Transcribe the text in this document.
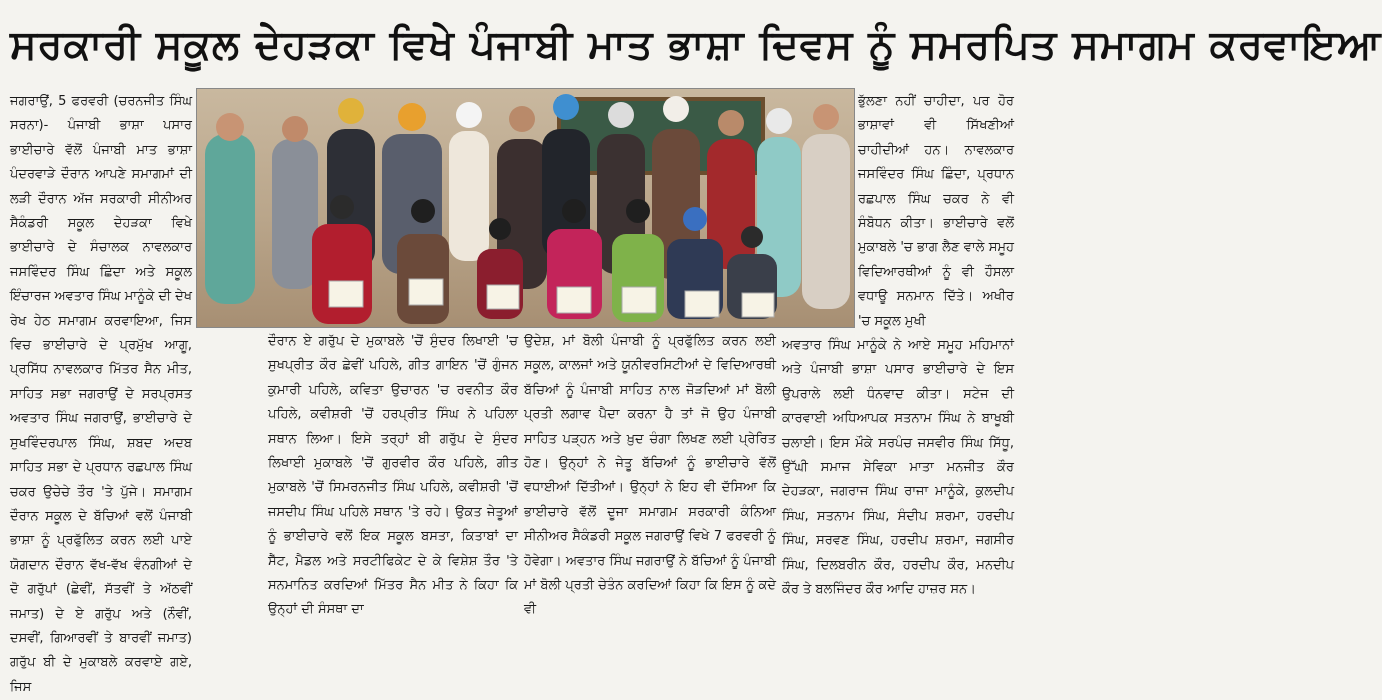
ਸਰਕਾਰੀ ਸਕੂਲ ਦੇਹੜਕਾ ਵਿਖੇ ਪੰਜਾਬੀ ਮਾਤ ਭਾਸ਼ਾ ਦਿਵਸ ਨੂੰ ਸਮਰਪਿਤ ਸਮਾਗਮ ਕਰਵਾਇਆ

ਜਗਰਾਉਂ, 5 ਫਰਵਰੀ (ਚਰਨਜੀਤ ਸਿੰਘ ਸਰਨਾ)- ਪੰਜਾਬੀ ਭਾਸ਼ਾ ਪਸਾਰ ਭਾਈਚਾਰੇ ਵੱਲੋਂ ਪੰਜਾਬੀ ਮਾਤ ਭਾਸ਼ਾ ਪੰਦਰਵਾੜੇ ਦੌਰਾਨ ਆਪਣੇ ਸਮਾਗਮਾਂ ਦੀ ਲੜੀ ਦੌਰਾਨ ਅੱਜ ਸਰਕਾਰੀ ਸੀਨੀਅਰ ਸੈਕੰਡਰੀ ਸਕੂਲ ਦੇਹੜਕਾ ਵਿਖੇ ਭਾਈਚਾਰੇ ਦੇ ਸੰਚਾਲਕ ਨਾਵਲਕਾਰ ਜਸਵਿੰਦਰ ਸਿੰਘ ਛਿੰਦਾ ਅਤੇ ਸਕੂਲ ਇੰਚਾਰਜ ਅਵਤਾਰ ਸਿੰਘ ਮਾਨੂੰਕੇ ਦੀ ਦੇਖ ਰੇਖ ਹੇਠ ਸਮਾਗਮ ਕਰਵਾਇਆ, ਜਿਸ ਵਿਚ ਭਾਈਚਾਰੇ ਦੇ ਪ੍ਰਮੁੱਖ ਆਗੂ, ਪ੍ਰਸਿੱਧ ਨਾਵਲਕਾਰ ਮਿੱਤਰ ਸੈਨ ਮੀਤ, ਸਾਹਿਤ ਸਭਾ ਜਗਰਾਉਂ ਦੇ ਸਰਪ੍ਰਸਤ ਅਵਤਾਰ ਸਿੰਘ ਜਗਰਾਉਂ, ਭਾਈਚਾਰੇ ਦੇ ਸੁਖਵਿੰਦਰਪਾਲ ਸਿੰਘ, ਸ਼ਬਦ ਅਦਬ ਸਾਹਿਤ ਸਭਾ ਦੇ ਪ੍ਰਧਾਨ ਰਛਪਾਲ ਸਿੰਘ ਚਕਰ ਉਚੇਚੇ ਤੌਰ 'ਤੇ ਪੁੱਜੇ। ਸਮਾਗਮ ਦੌਰਾਨ ਸਕੂਲ ਦੇ ਬੱਚਿਆਂ ਵਲੋਂ ਪੰਜਾਬੀ ਭਾਸ਼ਾ ਨੂੰ ਪ੍ਰਫੁੱਲਿਤ ਕਰਨ ਲਈ ਪਾਏ ਯੋਗਦਾਨ ਦੌਰਾਨ ਵੱਖ-ਵੱਖ ਵੰਨਗੀਆਂ ਦੇ ਦੋ ਗਰੁੱਪਾਂ (ਛੇਵੀਂ, ਸੱਤਵੀਂ ਤੇ ਅੱਠਵੀਂ ਜਮਾਤ) ਦੇ ਏ ਗਰੁੱਪ ਅਤੇ (ਨੌਵੀਂ, ਦਸਵੀਂ, ਗਿਆਰਵੀਂ ਤੇ ਬਾਰਵੀਂ ਜਮਾਤ) ਗਰੁੱਪ ਬੀ ਦੇ ਮੁਕਾਬਲੇ ਕਰਵਾਏ ਗਏ, ਜਿਸ

ਦੌਰਾਨ ਏ ਗਰੁੱਪ ਦੇ ਮੁਕਾਬਲੇ 'ਚੋਂ ਸੁੰਦਰ ਲਿਖਾਈ 'ਚ ਸੁਖਪ੍ਰੀਤ ਕੌਰ ਛੇਵੀਂ ਪਹਿਲੇ, ਗੀਤ ਗਾਇਨ 'ਚੋਂ ਗੁੰਜਨ ਕੁਮਾਰੀ ਪਹਿਲੇ, ਕਵਿਤਾ ਉਚਾਰਨ 'ਚ ਰਵਨੀਤ ਕੌਰ ਪਹਿਲੇ, ਕਵੀਸ਼ਰੀ 'ਚੋਂ ਹਰਪ੍ਰੀਤ ਸਿੰਘ ਨੇ ਪਹਿਲਾ ਸਥਾਨ ਲਿਆ। ਇਸੇ ਤਰ੍ਹਾਂ ਬੀ ਗਰੁੱਪ ਦੇ ਸੁੰਦਰ ਲਿਖਾਈ ਮੁਕਾਬਲੇ 'ਚੋਂ ਗੁਰਵੀਰ ਕੌਰ ਪਹਿਲੇ, ਗੀਤ ਮੁਕਾਬਲੇ 'ਚੋਂ ਸਿਮਰਨਜੀਤ ਸਿੰਘ ਪਹਿਲੇ, ਕਵੀਸ਼ਰੀ 'ਚੋਂ ਜਸਦੀਪ ਸਿੰਘ ਪਹਿਲੇ ਸਥਾਨ 'ਤੇ ਰਹੇ। ਉਕਤ ਜੇਤੂਆਂ ਨੂੰ ਭਾਈਚਾਰੇ ਵਲੋਂ ਇਕ ਸਕੂਲ ਬਸਤਾ, ਕਿਤਾਬਾਂ ਦਾ ਸੈੱਟ, ਮੈਡਲ ਅਤੇ ਸਰਟੀਫਿਕੇਟ ਦੇ ਕੇ ਵਿਸ਼ੇਸ਼ ਤੌਰ 'ਤੇ ਸਨਮਾਨਿਤ ਕਰਦਿਆਂ ਮਿੱਤਰ ਸੈਨ ਮੀਤ ਨੇ ਕਿਹਾ ਕਿ ਉਨ੍ਹਾਂ ਦੀ ਸੰਸਥਾ ਦਾ

ਉਦੇਸ਼, ਮਾਂ ਬੋਲੀ ਪੰਜਾਬੀ ਨੂੰ ਪ੍ਰਫੁੱਲਿਤ ਕਰਨ ਲਈ ਸਕੂਲ, ਕਾਲਜਾਂ ਅਤੇ ਯੂਨੀਵਰਸਿਟੀਆਂ ਦੇ ਵਿਦਿਆਰਥੀ ਬੱਚਿਆਂ ਨੂੰ ਪੰਜਾਬੀ ਸਾਹਿਤ ਨਾਲ ਜੋੜਦਿਆਂ ਮਾਂ ਬੋਲੀ ਪ੍ਰਤੀ ਲਗਾਵ ਪੈਦਾ ਕਰਨਾ ਹੈ ਤਾਂ ਜੋ ਉਹ ਪੰਜਾਬੀ ਸਾਹਿਤ ਪੜ੍ਹਨ ਅਤੇ ਖ਼ੁਦ ਚੰਗਾ ਲਿਖਣ ਲਈ ਪ੍ਰੇਰਿਤ ਹੋਣ। ਉਨ੍ਹਾਂ ਨੇ ਜੇਤੂ ਬੱਚਿਆਂ ਨੂੰ ਭਾਈਚਾਰੇ ਵੱਲੋਂ ਵਧਾਈਆਂ ਦਿੱਤੀਆਂ। ਉਨ੍ਹਾਂ ਨੇ ਇਹ ਵੀ ਦੱਸਿਆ ਕਿ ਭਾਈਚਾਰੇ ਵੱਲੋਂ ਦੂਜਾ ਸਮਾਗਮ ਸਰਕਾਰੀ ਕੰਨਿਆ ਸੀਨੀਅਰ ਸੈਕੰਡਰੀ ਸਕੂਲ ਜਗਰਾਉਂ ਵਿਖੇ 7 ਫਰਵਰੀ ਨੂੰ ਹੋਵੇਗਾ। ਅਵਤਾਰ ਸਿੰਘ ਜਗਰਾਉਂ ਨੇ ਬੱਚਿਆਂ ਨੂੰ ਪੰਜਾਬੀ ਮਾਂ ਬੋਲੀ ਪ੍ਰਤੀ ਚੇਤੰਨ ਕਰਦਿਆਂ ਕਿਹਾ ਕਿ ਇਸ ਨੂੰ ਕਦੇ ਵੀ

ਭੁੱਲਣਾ ਨਹੀਂ ਚਾਹੀਦਾ, ਪਰ ਹੋਰ ਭਾਸ਼ਾਵਾਂ ਵੀ ਸਿੱਖਣੀਆਂ ਚਾਹੀਦੀਆਂ ਹਨ। ਨਾਵਲਕਾਰ ਜਸਵਿੰਦਰ ਸਿੰਘ ਛਿੰਦਾ, ਪ੍ਰਧਾਨ ਰਛਪਾਲ ਸਿੰਘ ਚਕਰ ਨੇ ਵੀ ਸੰਬੋਧਨ ਕੀਤਾ। ਭਾਈਚਾਰੇ ਵਲੋਂ ਮੁਕਾਬਲੇ 'ਚ ਭਾਗ ਲੈਣ ਵਾਲੇ ਸਮੂਹ ਵਿਦਿਆਰਥੀਆਂ ਨੂੰ ਵੀ ਹੌਸਲਾ ਵਧਾਊ ਸਨਮਾਨ ਦਿੱਤੇ। ਅਖੀਰ 'ਚ ਸਕੂਲ ਮੁਖੀ

ਅਵਤਾਰ ਸਿੰਘ ਮਾਨੂੰਕੇ ਨੇ ਆਏ ਸਮੂਹ ਮਹਿਮਾਨਾਂ ਅਤੇ ਪੰਜਾਬੀ ਭਾਸ਼ਾ ਪਸਾਰ ਭਾਈਚਾਰੇ ਦੇ ਇਸ ਉਪਰਾਲੇ ਲਈ ਧੰਨਵਾਦ ਕੀਤਾ। ਸਟੇਜ ਦੀ ਕਾਰਵਾਈ ਅਧਿਆਪਕ ਸਤਨਾਮ ਸਿੰਘ ਨੇ ਬਾਖੂਬੀ ਚਲਾਈ। ਇਸ ਮੌਕੇ ਸਰਪੰਚ ਜਸਵੀਰ ਸਿੰਘ ਸਿੱਧੂ, ਉੱਘੀ ਸਮਾਜ ਸੇਵਿਕਾ ਮਾਤਾ ਮਨਜੀਤ ਕੌਰ ਦੇਹੜਕਾ, ਜਗਰਾਜ ਸਿੰਘ ਰਾਜਾ ਮਾਨੂੰਕੇ, ਕੁਲਦੀਪ ਸਿੰਘ, ਸਤਨਾਮ ਸਿੰਘ, ਸੰਦੀਪ ਸ਼ਰਮਾ, ਹਰਦੀਪ ਸਿੰਘ, ਸਰਵਣ ਸਿੰਘ, ਹਰਦੀਪ ਸ਼ਰਮਾ, ਜਗਸੀਰ ਸਿੰਘ, ਦਿਲਬਰੀਨ ਕੌਰ, ਹਰਦੀਪ ਕੌਰ, ਮਨਦੀਪ ਕੌਰ ਤੇ ਬਲਜਿੰਦਰ ਕੌਰ ਆਦਿ ਹਾਜ਼ਰ ਸਨ।
